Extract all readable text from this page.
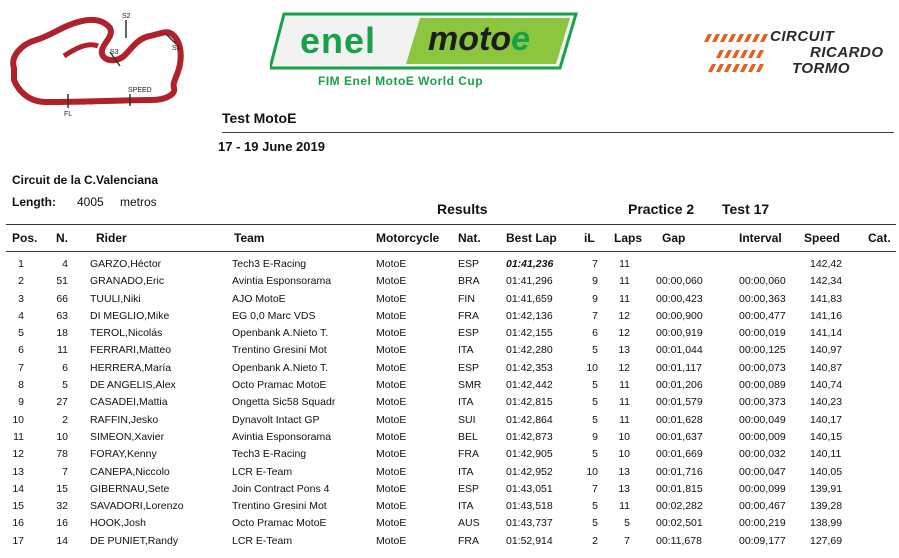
S2
S1
S3
SPEED
FL
enel motoe
FIM Enel MotoE World Cup
CIRCUIT
RICARDO
TORMO
Test MotoE
17 - 19 June 2019
Circuit de la C.Valenciana
Length: 4005 metros	Results	Practice 2 Test 17
Pos. N. Rider	Team	Motorcycle Nat. Best Lap iL Laps Gap	Interval Speed Cat.
1	4 GARZO,Héctor	Tech3 E-Racing	MotoE	ESP	01:41,236	7	11	142,42
2	51 GRANADO,Eric	Avintia Esponsorama	MotoE	BRA	01:41,296	9	11 00:00,060	00:00,060 142,34
3	66 TUULI,Niki	AJO MotoE	MotoE	FIN	01:41,659	9	11 00:00,423	00:00,363 141,83
4	63 DI MEGLIO,Mike	EG 0,0 Marc VDS	MotoE	FRA	01:42,136	7	12 00:00,900	00:00,477 141,16
5	18 TEROL,Nicolás	Openbank A.Nieto T.	MotoE	ESP	01:42,155	6	12 00:00,919	00:00,019 141,14
6	11 FERRARI,Matteo	Trentino Gresini Mot	MotoE	ITA	01:42,280	5	13 00:01,044	00:00,125 140,97
7	6 HERRERA,María	Openbank A.Nieto T.	MotoE	ESP	01:42,353	10	12 00:01,117	00:00,073 140,87
8	5 DE ANGELIS,Alex	Octo Pramac MotoE	MotoE	SMR 01:42,442	5	11 00:01,206	00:00,089 140,74
9	27 CASADEI,Mattia	Ongetta Sic58 Squadr	MotoE	ITA	01:42,815	5	11 00:01,579	00:00,373 140,23
10	2 RAFFIN,Jesko	Dynavolt Intact GP	MotoE	SUI	01:42,864	5	11 00:01,628	00:00,049 140,17
11	10 SIMEON,Xavier	Avintia Esponsorama	MotoE	BEL	01:42,873	9	10 00:01,637	00:00,009 140,15
12	78 FORAY,Kenny	Tech3 E-Racing	MotoE	FRA	01:42,905	5	10 00:01,669	00:00,032 140,11
13	7 CANEPA,Niccolo	LCR E-Team	MotoE	ITA	01:42,952	10	13 00:01,716	00:00,047 140,05
14	15 GIBERNAU,Sete	Join Contract Pons 4	MotoE	ESP	01:43,051	7	13 00:01,815	00:00,099 139,91
15	32 SAVADORI,Lorenzo	Trentino Gresini Mot	MotoE	ITA	01:43,518	5	11 00:02,282	00:00,467 139,28
16	16 HOOK,Josh	Octo Pramac MotoE	MotoE	AUS	01:43,737	5	5 00:02,501	00:00,219 138,99
17	14 DE PUNIET,Randy	LCR E-Team	MotoE	FRA	01:52,914	2	7 00:11,678	00:09,177 127,69
